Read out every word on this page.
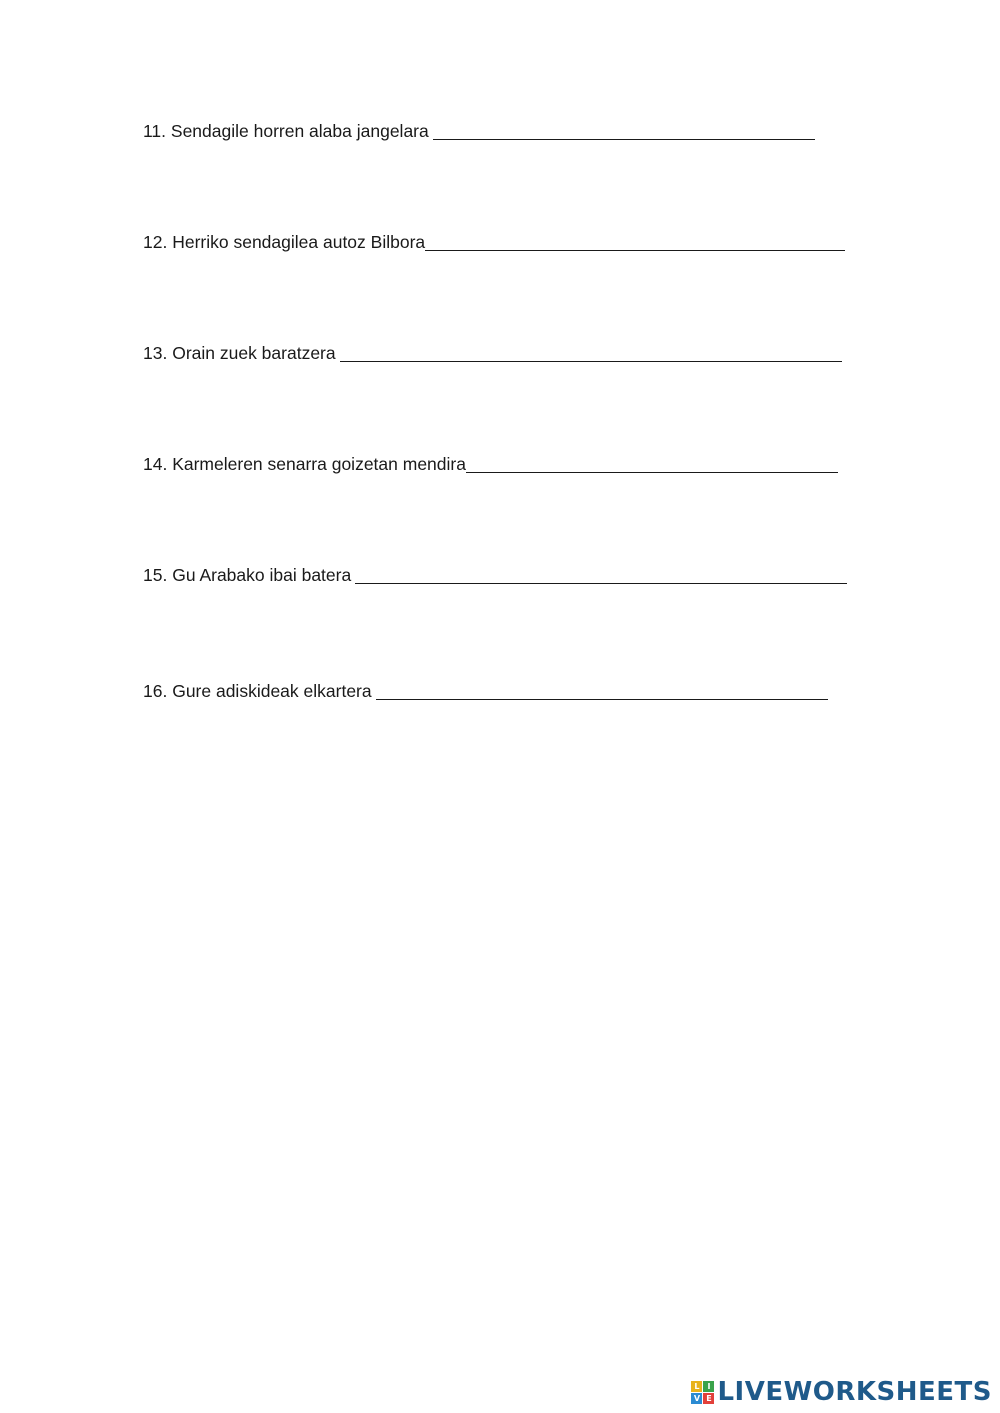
11.
Sendagile horren alaba jangelara
12.
Herriko sendagilea autoz Bilbora
13.
Orain zuek baratzera
14.
Karmeleren senarra goizetan mendira
15.
Gu Arabako ibai batera
16.
Gure adiskideak elkartera
L I
V E LIVEWORKSHEETS
